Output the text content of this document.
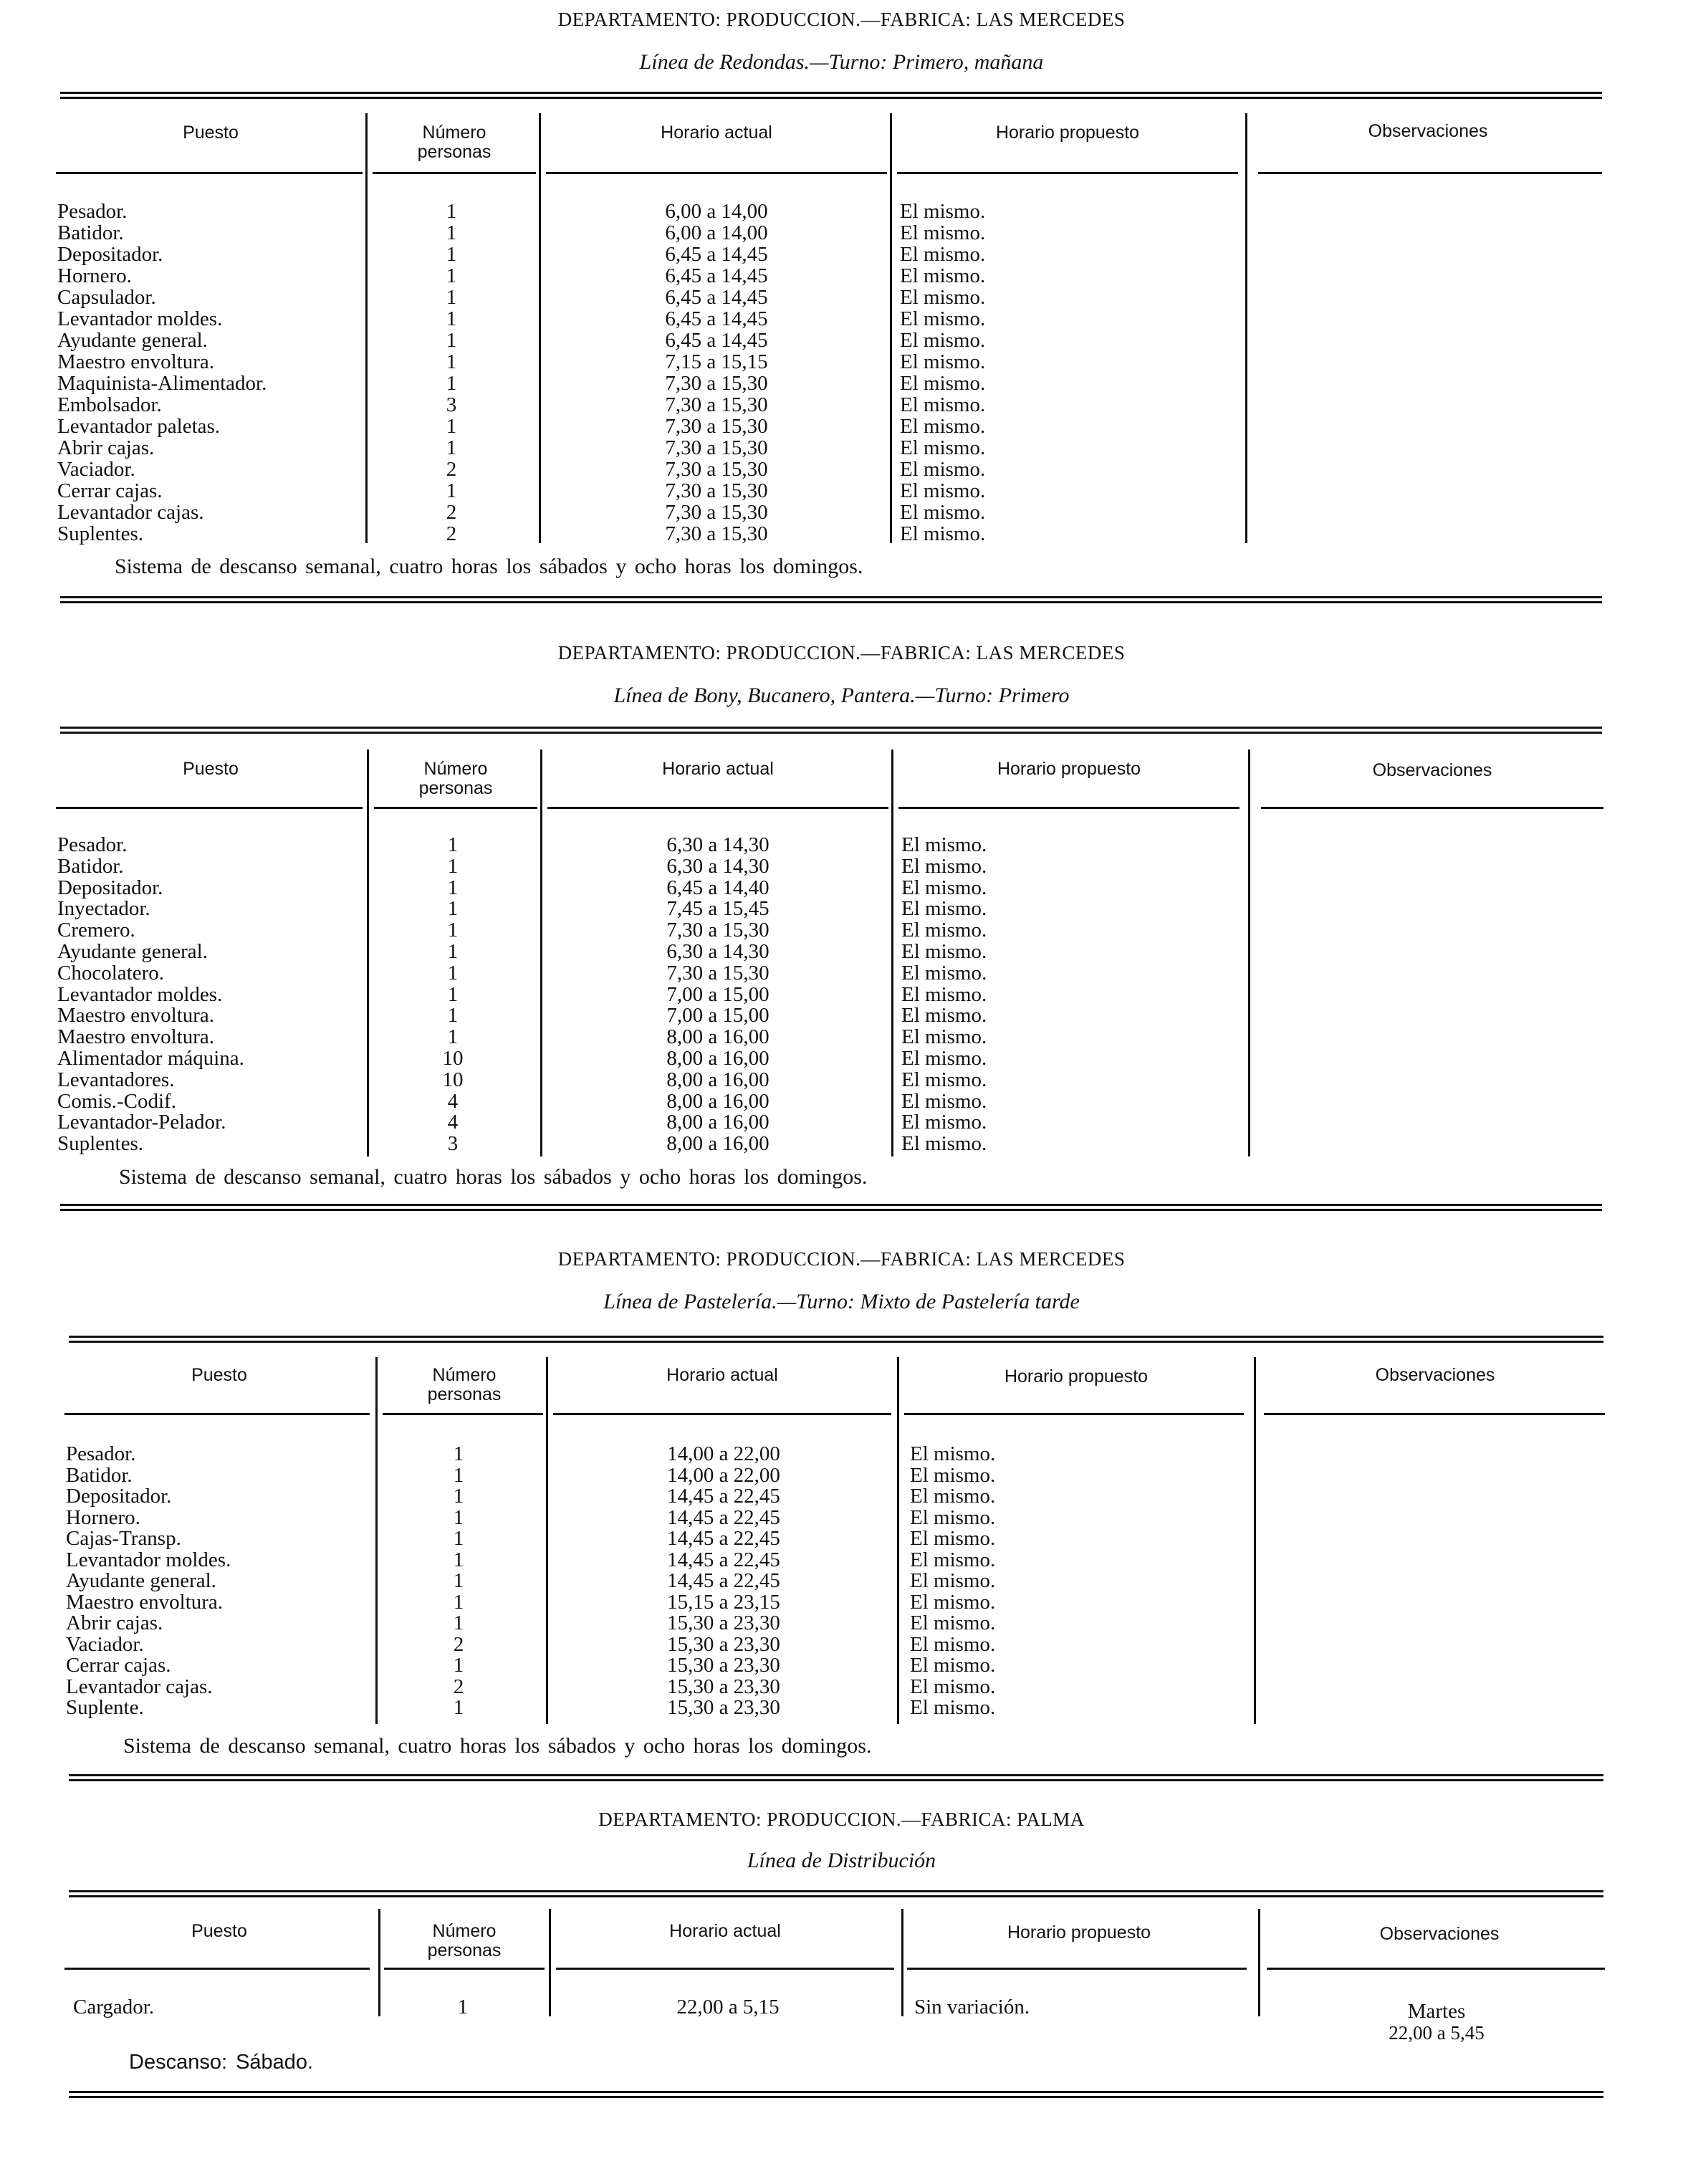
DEPARTAMENTO: PRODUCCION.—FABRICA: LAS MERCEDES
Línea de Redondas.—Turno: Primero, mañana
Puesto	Número
personas
Horario actual	Horario propuesto	Observaciones
Pesador.	1	6,00 a 14,00	El mismo.
Batidor.	1	6,00 a 14,00	El mismo.
Depositador.	1	6,45 a 14,45	El mismo.
Hornero.	1	6,45 a 14,45	El mismo.
Capsulador.	1	6,45 a 14,45	El mismo.
Levantador moldes.	1	6,45 a 14,45	El mismo.
Ayudante general.	1	6,45 a 14,45	El mismo.
Maestro envoltura.	1	7,15 a 15,15	El mismo.
Maquinista-Alimentador.	1	7,30 a 15,30	El mismo.
Embolsador.	3	7,30 a 15,30	El mismo.
Levantador paletas.	1	7,30 a 15,30	El mismo.
Abrir cajas.	1	7,30 a 15,30	El mismo.
Vaciador.	2	7,30 a 15,30	El mismo.
Cerrar cajas.	1	7,30 a 15,30	El mismo.
Levantador cajas.	2	7,30 a 15,30	El mismo.
Suplentes.	2	7,30 a 15,30	El mismo.
Sistema de descanso semanal, cuatro horas los sábados y ocho horas los domingos.
DEPARTAMENTO: PRODUCCION.—FABRICA: LAS MERCEDES
Línea de Bony, Bucanero, Pantera.—Turno: Primero
Puesto	Número
personas
Horario actual	Horario propuesto	Observaciones
Pesador.	1	6,30 a 14,30	El mismo.
Batidor.	1	6,30 a 14,30	El mismo.
Depositador.	1	6,45 a 14,40	El mismo.
Inyectador.	1	7,45 a 15,45	El mismo.
Cremero.	1	7,30 a 15,30	El mismo.
Ayudante general.	1	6,30 a 14,30	El mismo.
Chocolatero.	1	7,30 a 15,30	El mismo.
Levantador moldes.	1	7,00 a 15,00	El mismo.
Maestro envoltura.	1	7,00 a 15,00	El mismo.
Maestro envoltura.	1	8,00 a 16,00	El mismo.
Alimentador máquina.	10	8,00 a 16,00	El mismo.
Levantadores.	10	8,00 a 16,00	El mismo.
Comis.-Codif.	4	8,00 a 16,00	El mismo.
Levantador-Pelador.	4	8,00 a 16,00	El mismo.
Suplentes.	3	8,00 a 16,00	El mismo.
Sistema de descanso semanal, cuatro horas los sábados y ocho horas los domingos.
DEPARTAMENTO: PRODUCCION.—FABRICA: LAS MERCEDES
Línea de Pastelería.—Turno: Mixto de Pastelería tarde
Puesto	Número
personas
Horario actual	Horario propuesto	Observaciones
Pesador.	1	14,00 a 22,00	El mismo.
Batidor.	1	14,00 a 22,00	El mismo.
Depositador.	1	14,45 a 22,45	El mismo.
Hornero.	1	14,45 a 22,45	El mismo.
Cajas-Transp.	1	14,45 a 22,45	El mismo.
Levantador moldes.	1	14,45 a 22,45	El mismo.
Ayudante general.	1	14,45 a 22,45	El mismo.
Maestro envoltura.	1	15,15 a 23,15	El mismo.
Abrir cajas.	1	15,30 a 23,30	El mismo.
Vaciador.	2	15,30 a 23,30	El mismo.
Cerrar cajas.	1	15,30 a 23,30	El mismo.
Levantador cajas.	2	15,30 a 23,30	El mismo.
Suplente.	1	15,30 a 23,30	El mismo.
Sistema de descanso semanal, cuatro horas los sábados y ocho horas los domingos.
DEPARTAMENTO: PRODUCCION.—FABRICA: PALMA
Línea de Distribución
Puesto	Número
personas
Horario actual	Horario propuesto	Observaciones
Cargador.	1	22,00 a 5,15	Sin variación.	Martes
22,00 a 5,45
Descanso: Sábado.
